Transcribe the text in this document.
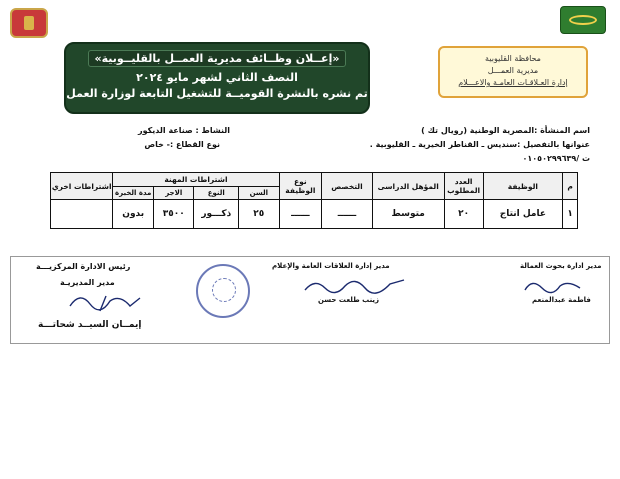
«إعــلان وظــائف مديرية العمــل بالقليــوبية»
النصف الثاني لشهر مايو ٢٠٢٤
تم نشره بالنشرة القوميــة للتشغيل التابعة لوزارة العمل
محافظة القليوبية
مديرية العمـــل
إدارة العـلاقـات العامـة والاعـــلام
اسم المنشأة :المصرية الوطنية (رويال تك )
عنوانها بالتفصيل :سنديس ـ القناطر الخيرية ـ القليوبية .
ت /٠١٠٥٠٢٩٩٦٣٩
النشاط : صناعة الديكور
نوع القطاع :- خاص
م	الوظيفة	العدد المطلوب	المؤهل الدراسى	التخصص	نوع الوظيفة	اشتراطات المهنة				اشتراطات اخري
						السن	النوع	الاجر	مدة الخبرة	
١	عامل انتاج	٢٠	متوسط	ــــــ	ــــــ	٢٥	ذكـــور	٣٥٠٠	بدون	
رئيس الادارة المركزيـــة
مدير المديريـة
إيمــان السيــد شحاتـــة
مدير إدارة العلاقات العامة والإعلام
زينب طلعت حسن
مدير ادارة بحوث العمالة
فاطمة عبدالمنعم
